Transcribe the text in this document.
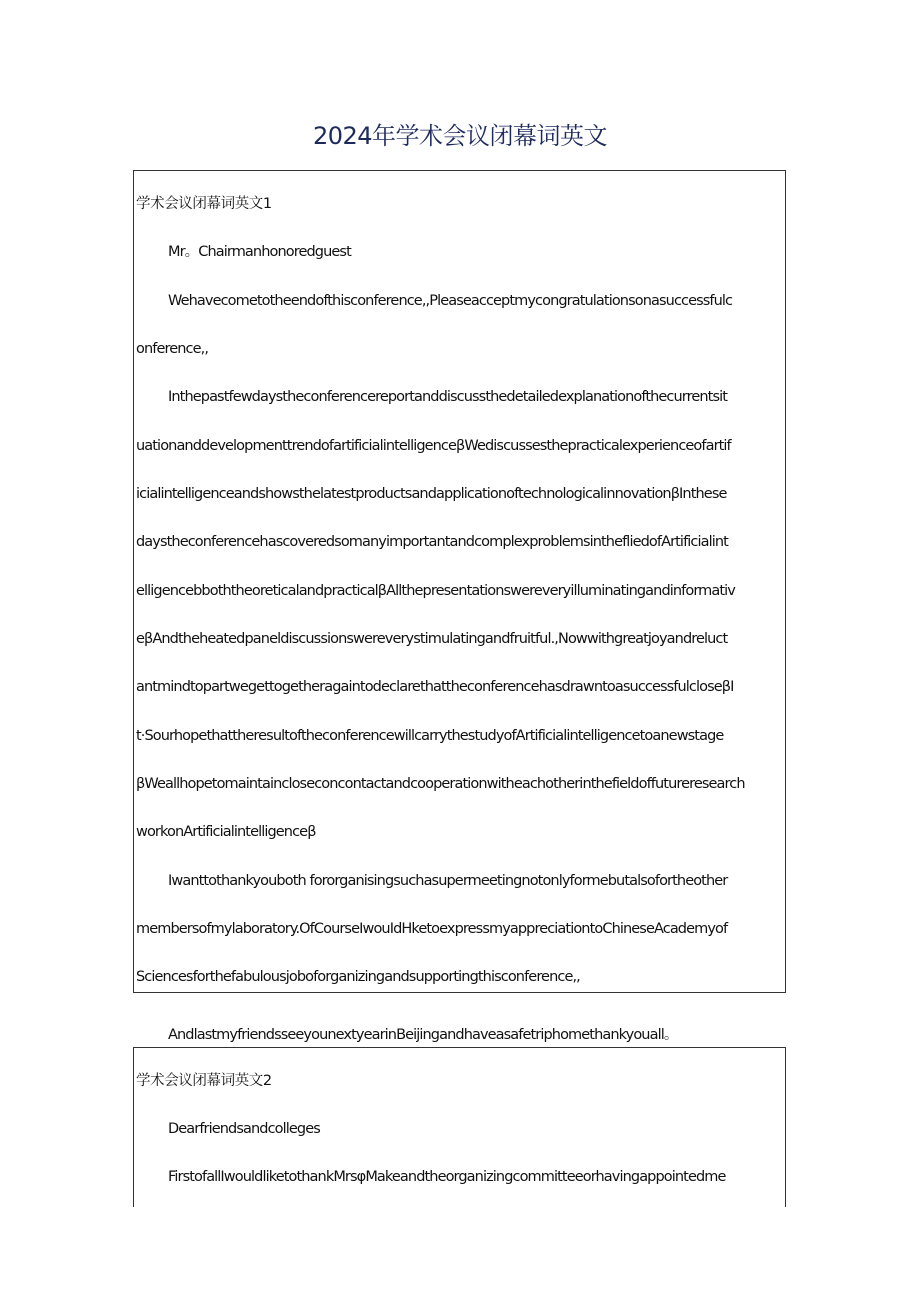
2024年学术会议闭幕词英文
学术会议闭幕词英文1
Mr。Chairmanhonoredguest
Wehavecometotheendofthisconference,,Pleaseacceptmycongratulationsonasuccessfulc
onference,,
Inthepastfewdaystheconferencereportanddiscussthedetailedexplanationofthecurrentsit
uationanddevelopmenttrendofartificialintelligenceβWediscussesthepracticalexperienceofartif
icialintelligenceandshowsthelatestproductsandapplicationoftechnologicalinnovationβInthese
daystheconferencehascoveredsomanyimportantandcomplexproblemsinthefliedofArtificialint
elligencebboththeoreticalandpracticalβAllthepresentationswereveryilluminatingandinformativ
eβAndtheheatedpaneldiscussionswereverystimulatingandfruitful.,Nowwithgreatjoyandreluct
antmindtopartwegettogetheragaintodeclarethattheconferencehasdrawntoasuccessfulcloseβI
t·SourhopethattheresultoftheconferencewillcarrythestudyofArtificialintelligencetoanewstage
βWeallhopetomaintaincloseconcontactandcooperationwitheachotherinthefieldoffutureresearch
workonArtificialintelligenceβ
Iwanttothankyouboth fororganisingsuchasupermeetingnotonlyformebutalsofortheother
membersofmylaboratory.OfCourseIwouIdHketoexpressmyappreciationtoChineseAcademyof
Sciencesforthefabulousjoboforganizingandsupportingthisconference,,
AndlastmyfriendsseeyounextyearinBeijingandhaveasafetriphomethankyouall。
学术会议闭幕词英文2
Dearfriendsandcolleges
FirstofallIwouldliketothankMrsφMakeandtheorganizingcommitteeorhavingappointedme
